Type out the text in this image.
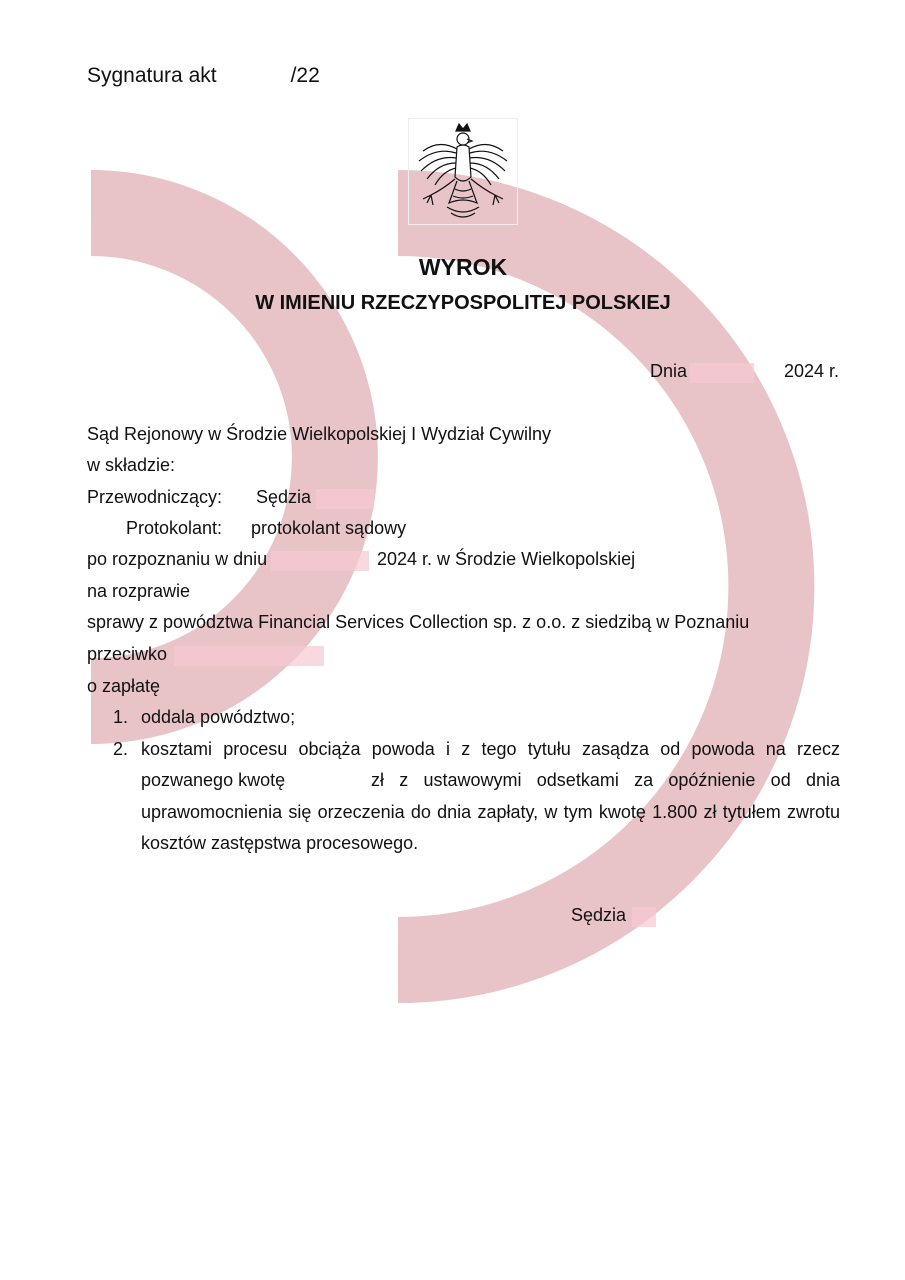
Sygnatura akt	/22
WYROK
W IMIENIU RZECZYPOSPOLITEJ POLSKIEJ
Dnia	2024 r.
Sąd Rejonowy w Środzie Wielkopolskiej I Wydział Cywilny
w składzie:
Przewodniczący: Sędzia
Protokolant: protokolant sądowy
po rozpoznaniu w dniu	2024 r. w Środzie Wielkopolskiej
na rozprawie
sprawy z powództwa Financial Services Collection sp. z o.o. z siedzibą w Poznaniu
przeciwko
o zapłatę
1. oddala powództwo;
2. kosztami procesu obciąża powoda i z tego tytułu zasądza od powoda na rzecz
pozwanego kwotę	zł z ustawowymi odsetkami za opóźnienie od dnia
uprawomocnienia się orzeczenia do dnia zapłaty, w tym kwotę 1.800 zł tytułem zwrotu
kosztów zastępstwa procesowego.
Sędzia
